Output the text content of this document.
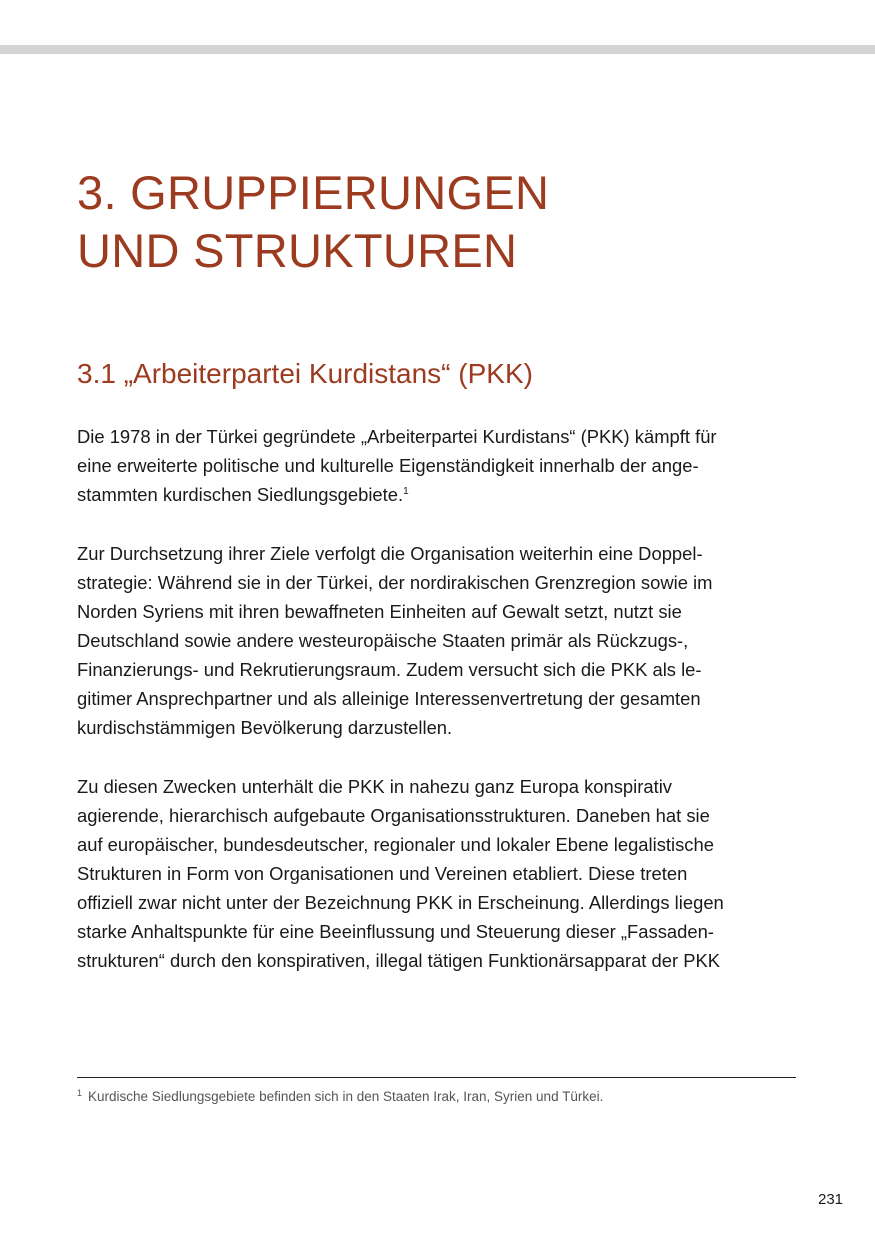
3. GRUPPIERUNGEN
UND STRUKTUREN
3.1 „Arbeiterpartei Kurdistans“ (PKK)
Die 1978 in der Türkei gegründete „Arbeiterpartei Kurdistans“ (PKK) kämpft für
eine erweiterte politische und kulturelle Eigenständigkeit innerhalb der ange-
stammten kurdischen Siedlungsgebiete.$^1$
Zur Durchsetzung ihrer Ziele verfolgt die Organisation weiterhin eine Doppel-
strategie: Während sie in der Türkei, der nordirakischen Grenzregion sowie im
Norden Syriens mit ihren bewaffneten Einheiten auf Gewalt setzt, nutzt sie
Deutschland sowie andere westeuropäische Staaten primär als Rückzugs-,
Finanzierungs- und Rekrutierungsraum. Zudem versucht sich die PKK als le-
gitimer Ansprechpartner und als alleinige Interessenvertretung der gesamten
kurdischstämmigen Bevölkerung darzustellen.
Zu diesen Zwecken unterhält die PKK in nahezu ganz Europa konspirativ
agierende, hierarchisch aufgebaute Organisationsstrukturen. Daneben hat sie
auf europäischer, bundesdeutscher, regionaler und lokaler Ebene legalistische
Strukturen in Form von Organisationen und Vereinen etabliert. Diese treten
offiziell zwar nicht unter der Bezeichnung PKK in Erscheinung. Allerdings liegen
starke Anhaltspunkte für eine Beeinflussung und Steuerung dieser „Fassaden-
strukturen“ durch den konspirativen, illegal tätigen Funktionärsapparat der PKK
$^1$ Kurdische Siedlungsgebiete befinden sich in den Staaten Irak, Iran, Syrien und Türkei.
231
